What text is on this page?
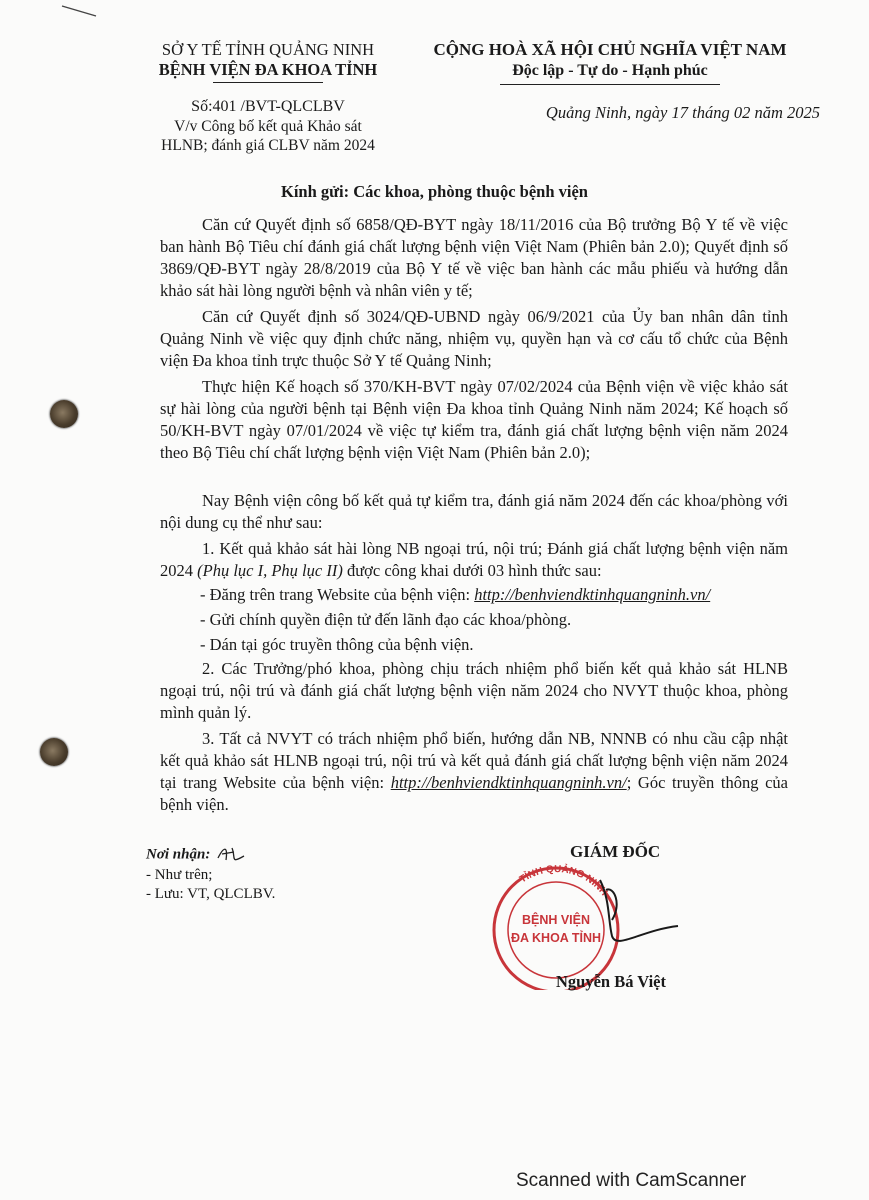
SỞ Y TẾ TỈNH QUẢNG NINH
BỆNH VIỆN ĐA KHOA TỈNH
Số:401 /BVT-QLCLBV
V/v Công bố kết quả Khảo sát
HLNB; đánh giá CLBV năm 2024
CỘNG HOÀ XÃ HỘI CHỦ NGHĨA VIỆT NAM
Độc lập - Tự do - Hạnh phúc
Quảng Ninh, ngày 17 tháng 02 năm 2025
Kính gửi: Các khoa, phòng thuộc bệnh viện

Căn cứ Quyết định số 6858/QĐ-BYT ngày 18/11/2016 của Bộ trưởng Bộ Y tế về việc ban hành Bộ Tiêu chí đánh giá chất lượng bệnh viện Việt Nam (Phiên bản 2.0); Quyết định số 3869/QĐ-BYT ngày 28/8/2019 của Bộ Y tế về việc ban hành các mẫu phiếu và hướng dẫn khảo sát hài lòng người bệnh và nhân viên y tế;

Căn cứ Quyết định số 3024/QĐ-UBND ngày 06/9/2021 của Ủy ban nhân dân tỉnh Quảng Ninh về việc quy định chức năng, nhiệm vụ, quyền hạn và cơ cấu tổ chức của Bệnh viện Đa khoa tỉnh trực thuộc Sở Y tế Quảng Ninh;

Thực hiện Kế hoạch số 370/KH-BVT ngày 07/02/2024 của Bệnh viện về việc khảo sát sự hài lòng của người bệnh tại Bệnh viện Đa khoa tỉnh Quảng Ninh năm 2024; Kế hoạch số 50/KH-BVT ngày 07/01/2024 về việc tự kiểm tra, đánh giá chất lượng bệnh viện năm 2024 theo Bộ Tiêu chí chất lượng bệnh viện Việt Nam (Phiên bản 2.0);

Nay Bệnh viện công bố kết quả tự kiểm tra, đánh giá năm 2024 đến các khoa/phòng với nội dung cụ thể như sau:

1. Kết quả khảo sát hài lòng NB ngoại trú, nội trú; Đánh giá chất lượng bệnh viện năm 2024 (Phụ lục I, Phụ lục II) được công khai dưới 03 hình thức sau:

- Đăng trên trang Website của bệnh viện: http://benhviendktinhquangninh.vn/
- Gửi chính quyền điện tử đến lãnh đạo các khoa/phòng.
- Dán tại góc truyền thông của bệnh viện.

2. Các Trưởng/phó khoa, phòng chịu trách nhiệm phổ biến kết quả khảo sát HLNB ngoại trú, nội trú và đánh giá chất lượng bệnh viện năm 2024 cho NVYT thuộc khoa, phòng mình quản lý.

3. Tất cả NVYT có trách nhiệm phổ biến, hướng dẫn NB, NNNB có nhu cầu cập nhật kết quả khảo sát HLNB ngoại trú, nội trú và kết quả đánh giá chất lượng bệnh viện năm 2024 tại trang Website của bệnh viện: http://benhviendktinhquangninh.vn/; Góc truyền thông của bệnh viện.

Nơi nhận:
- Như trên;
- Lưu: VT, QLCLBV.
GIÁM ĐỐC
TỈNH QUẢNG NINH
BỆNH VIỆN
ĐA KHOA TỈNH
Nguyễn Bá Việt
Scanned with CamScanner
